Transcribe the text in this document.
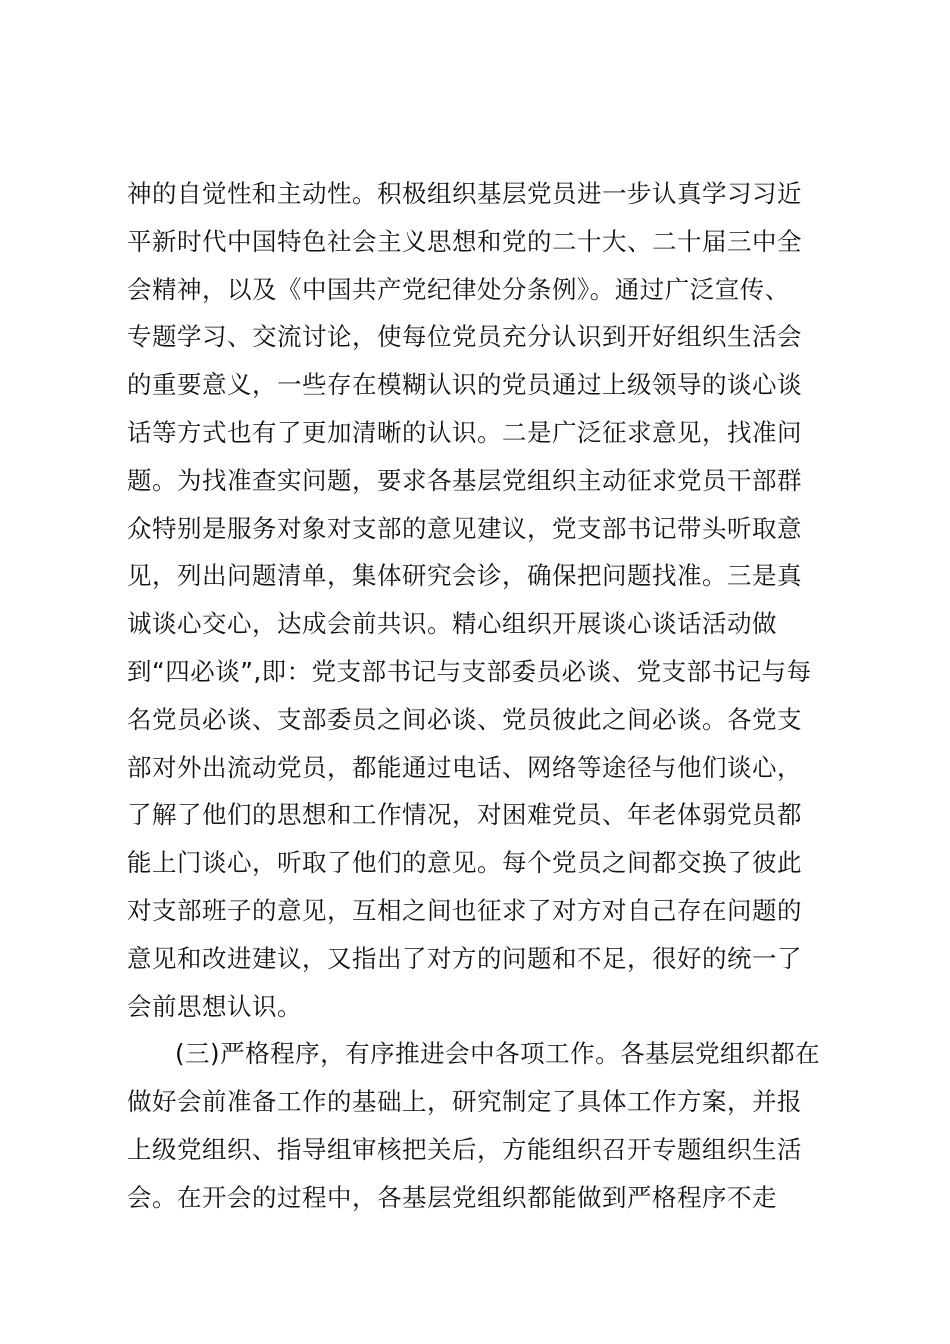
神的自觉性和主动性。积极组织基层党员进一步认真学习习近
平新时代中国特色社会主义思想和党的二十大、二十届三中全
会精神，以及《中国共产党纪律处分条例》。通过广泛宣传、
专题学习、交流讨论，使每位党员充分认识到开好组织生活会
的重要意义，一些存在模糊认识的党员通过上级领导的谈心谈
话等方式也有了更加清晰的认识。二是广泛征求意见，找准问
题。为找准查实问题，要求各基层党组织主动征求党员干部群
众特别是服务对象对支部的意见建议，党支部书记带头听取意
见，列出问题清单，集体研究会诊，确保把问题找准。三是真
诚谈心交心，达成会前共识。精心组织开展谈心谈话活动做
到“四必谈”,即：党支部书记与支部委员必谈、党支部书记与每
名党员必谈、支部委员之间必谈、党员彼此之间必谈。各党支
部对外出流动党员，都能通过电话、网络等途径与他们谈心，
了解了他们的思想和工作情况，对困难党员、年老体弱党员都
能上门谈心，听取了他们的意见。每个党员之间都交换了彼此
对支部班子的意见，互相之间也征求了对方对自己存在问题的
意见和改进建议，又指出了对方的问题和不足，很好的统一了
会前思想认识。
(三)严格程序，有序推进会中各项工作。各基层党组织都在
做好会前准备工作的基础上，研究制定了具体工作方案，并报
上级党组织、指导组审核把关后，方能组织召开专题组织生活
会。在开会的过程中，各基层党组织都能做到严格程序不走
